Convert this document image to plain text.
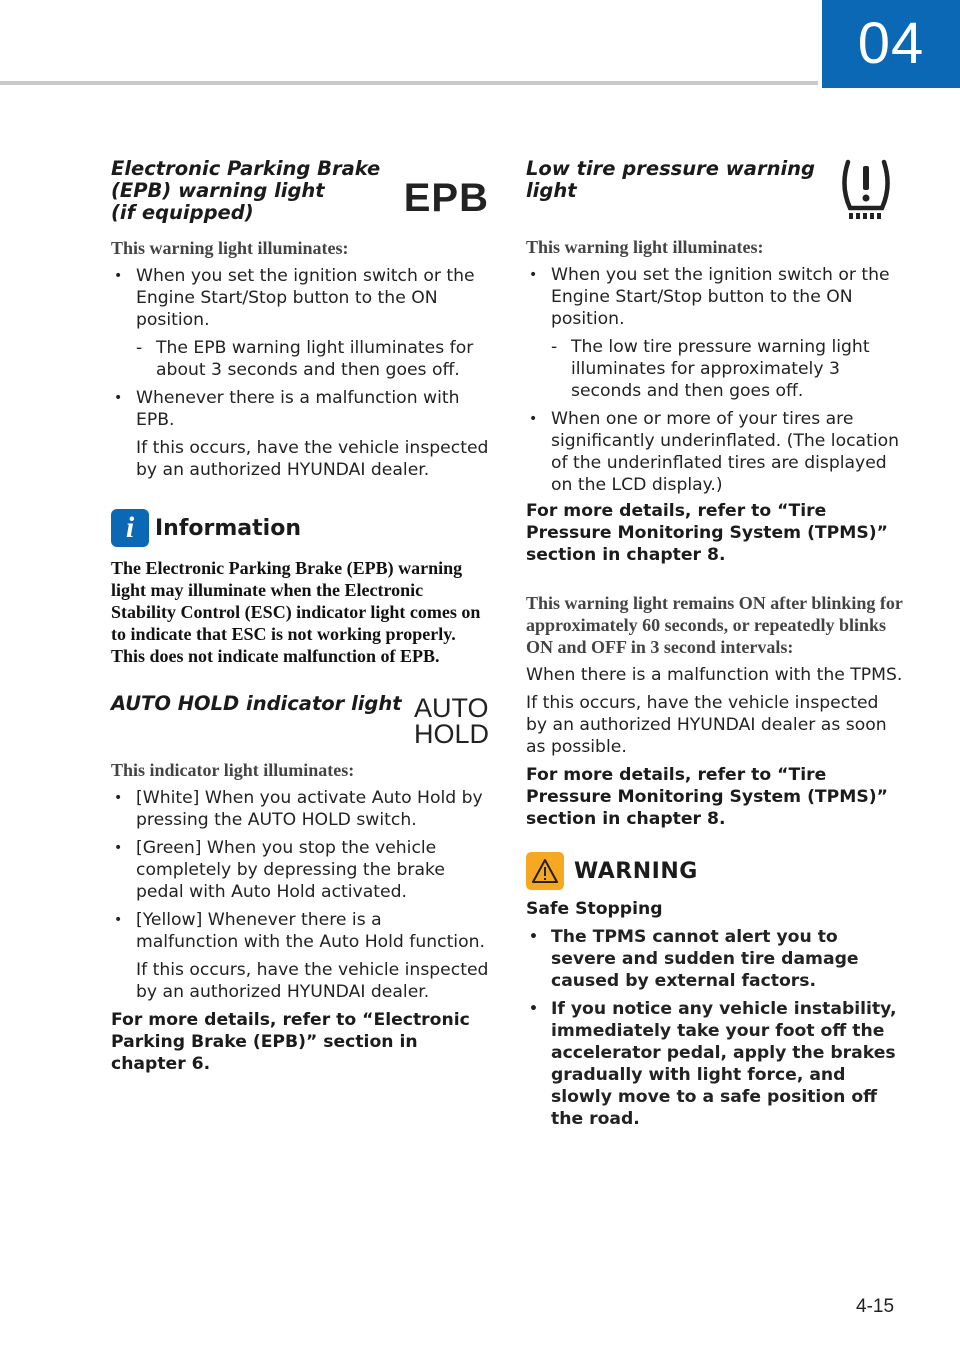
04

Electronic Parking Brake

(EPB) warning light

(if equipped)	EPB

This warning light illuminates:

• When you set the ignition switch or the Engine Start/Stop button to the ON position.
- The EPB warning light illuminates for about 3 seconds and then goes off.
• Whenever there is a malfunction with EPB.

If this occurs, have the vehicle inspected by an authorized HYUNDAI dealer.

i Information

The Electronic Parking Brake (EPB) warning light may illuminate when the Electronic Stability Control (ESC) indicator light comes on to indicate that ESC is not working properly. This does not indicate malfunction of EPB.

AUTO HOLD indicator light AUTO
HOLD

This indicator light illuminates:

• [White] When you activate Auto Hold by pressing the AUTO HOLD switch.
• [Green] When you stop the vehicle completely by depressing the brake pedal with Auto Hold activated.
• [Yellow] Whenever there is a malfunction with the Auto Hold function.

If this occurs, have the vehicle inspected by an authorized HYUNDAI dealer.

For more details, refer to “Electronic Parking Brake (EPB)” section in chapter 6.

Low tire pressure warning

light

This warning light illuminates:

• When you set the ignition switch or the Engine Start/Stop button to the ON position.
- The low tire pressure warning light illuminates for approximately 3 seconds and then goes off.
• When one or more of your tires are significantly underinflated. (The location of the underinflated tires are displayed on the LCD display.)

For more details, refer to “Tire Pressure Monitoring System (TPMS)” section in chapter 8.

This warning light remains ON after blinking for approximately 60 seconds, or repeatedly blinks ON and OFF in 3 second intervals:

When there is a malfunction with the TPMS.

If this occurs, have the vehicle inspected by an authorized HYUNDAI dealer as soon as possible.

For more details, refer to “Tire Pressure Monitoring System (TPMS)” section in chapter 8.

WARNING

Safe Stopping

• The TPMS cannot alert you to severe and sudden tire damage caused by external factors.
• If you notice any vehicle instability, immediately take your foot off the accelerator pedal, apply the brakes gradually with light force, and slowly move to a safe position off the road.
4-15
